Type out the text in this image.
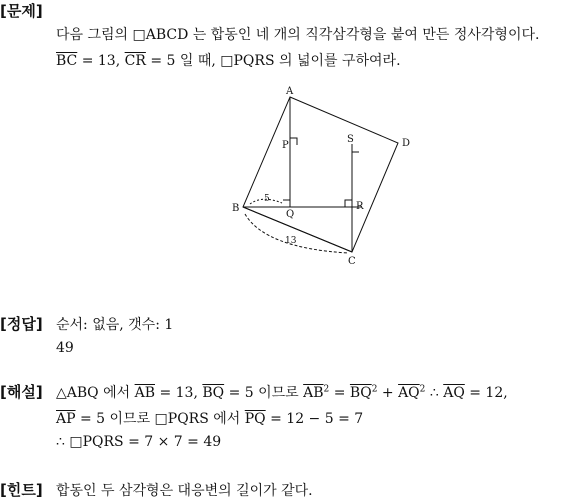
[문제]
다음 그림의 □ABCD 는 합동인 네 개의 직각삼각형을 붙여 만든 정사각형이다.
$\overline{BC} = 13$, $\overline{CR} = 5$ 일 때, □PQRS 의 넓이를 구하여라.
A
B
C
D
P
Q
R
S
5
13
[정답] 순서: 없음, 갯수: 1
49
[해설] △ABQ 에서 $\overline{AB} = 13$, $\overline{BQ} = 5$ 이므로 $\overline{AB}^2 = \overline{BQ}^2 + \overline{AQ}^2$ ∴ $\overline{AQ} = 12$,
$\overline{AP} = 5$ 이므로 □PQRS 에서 $\overline{PQ} = 12 - 5 = 7$
∴ □PQRS = 7 × 7 = 49
[힌트] 합동인 두 삼각형은 대응변의 길이가 같다.
